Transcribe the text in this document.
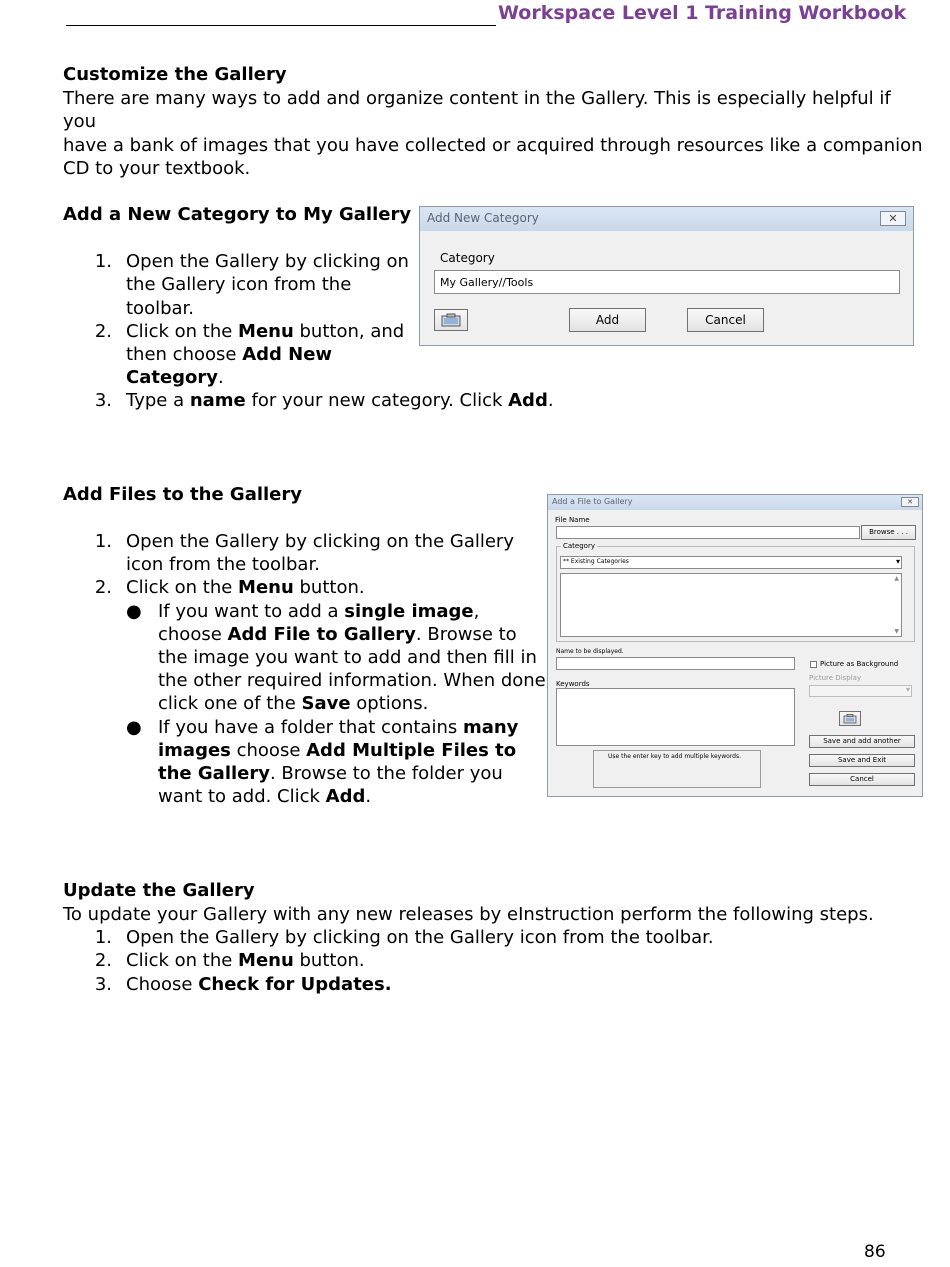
Workspace Level 1 Training Workbook
Customize the Gallery
There are many ways to add and organize content in the Gallery. This is especially helpful if you
have a bank of images that you have collected or acquired through resources like a companion
CD to your textbook.
Add a New Category to My Gallery
1. Open the Gallery by clicking on
the Gallery icon from the
toolbar.
2. Click on the Menu button, and
then choose Add New
Category.
3. Type a name for your new category. Click Add.
Add New Category	✕
Category
My Gallery//Tools
Add	Cancel
Add Files to the Gallery
1. Open the Gallery by clicking on the Gallery
icon from the toolbar.
2. Click on the Menu button.
● If you want to add a single image,
choose Add File to Gallery. Browse to
the image you want to add and then fill in
the other required information. When done
click one of the Save options.
● If you have a folder that contains many
images choose Add Multiple Files to
the Gallery. Browse to the folder you
want to add. Click Add.
Add a File to Gallery	✕
File Name
Browse . . .
Category
** Existing Categories	▾
▲
▼
Name to be displayed.
Picture as Background
Picture Display
▾
Keywords
Use the enter key to add multiple keywords.
Save and add another
Save and Exit
Cancel
Update the Gallery
To update your Gallery with any new releases by eInstruction perform the following steps.
1. Open the Gallery by clicking on the Gallery icon from the toolbar.
2. Click on the Menu button.
3. Choose Check for Updates.
86
